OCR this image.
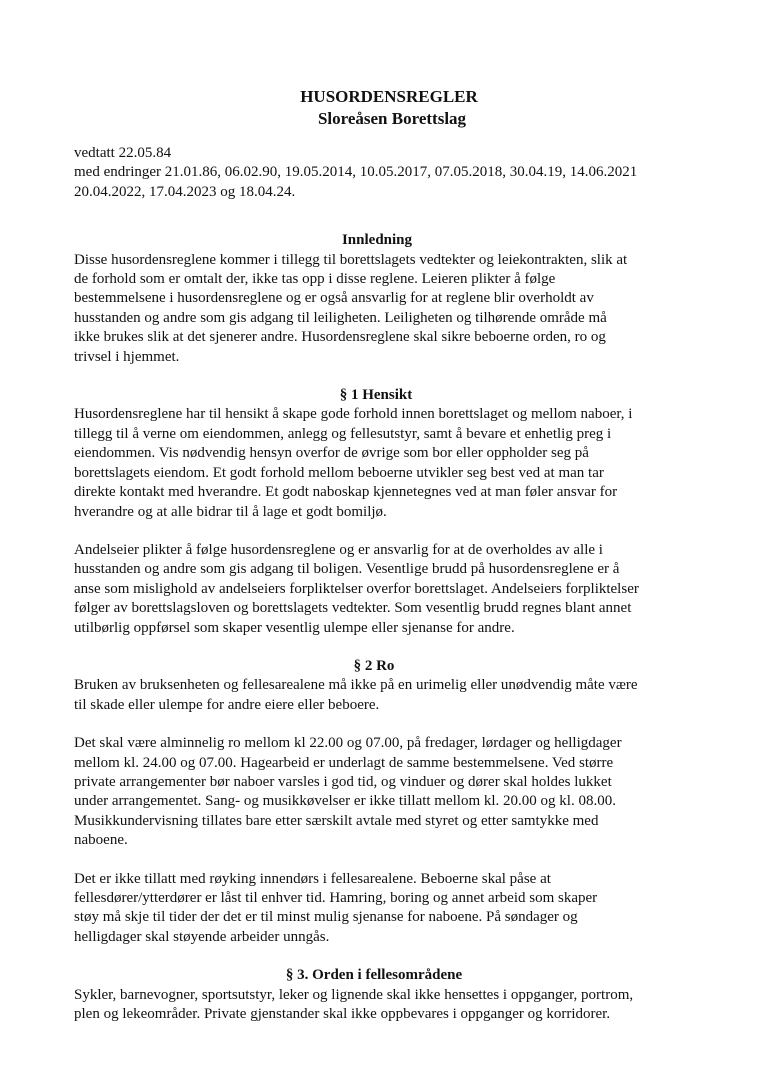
HUSORDENSREGLER
Sloreåsen Borettslag
vedtatt 22.05.84
med endringer 21.01.86, 06.02.90, 19.05.2014, 10.05.2017, 07.05.2018, 30.04.19, 14.06.2021
20.04.2022, 17.04.2023 og 18.04.24.
Innledning
Disse husordensreglene kommer i tillegg til borettslagets vedtekter og leiekontrakten, slik at
de forhold som er omtalt der, ikke tas opp i disse reglene. Leieren plikter å følge
bestemmelsene i husordensreglene og er også ansvarlig for at reglene blir overholdt av
husstanden og andre som gis adgang til leiligheten. Leiligheten og tilhørende område må
ikke brukes slik at det sjenerer andre. Husordensreglene skal sikre beboerne orden, ro og
trivsel i hjemmet.
§ 1 Hensikt
Husordensreglene har til hensikt å skape gode forhold innen borettslaget og mellom naboer, i
tillegg til å verne om eiendommen, anlegg og fellesutstyr, samt å bevare et enhetlig preg i
eiendommen. Vis nødvendig hensyn overfor de øvrige som bor eller oppholder seg på
borettslagets eiendom. Et godt forhold mellom beboerne utvikler seg best ved at man tar
direkte kontakt med hverandre. Et godt naboskap kjennetegnes ved at man føler ansvar for
hverandre og at alle bidrar til å lage et godt bomiljø.
Andelseier plikter å følge husordensreglene og er ansvarlig for at de overholdes av alle i
husstanden og andre som gis adgang til boligen. Vesentlige brudd på husordensreglene er å
anse som mislighold av andelseiers forpliktelser overfor borettslaget. Andelseiers forpliktelser
følger av borettslagsloven og borettslagets vedtekter. Som vesentlig brudd regnes blant annet
utilbørlig oppførsel som skaper vesentlig ulempe eller sjenanse for andre.
§ 2 Ro
Bruken av bruksenheten og fellesarealene må ikke på en urimelig eller unødvendig måte være
til skade eller ulempe for andre eiere eller beboere.
Det skal være alminnelig ro mellom kl 22.00 og 07.00, på fredager, lørdager og helligdager
mellom kl. 24.00 og 07.00. Hagearbeid er underlagt de samme bestemmelsene. Ved større
private arrangementer bør naboer varsles i god tid, og vinduer og dører skal holdes lukket
under arrangementet. Sang- og musikkøvelser er ikke tillatt mellom kl. 20.00 og kl. 08.00.
Musikkundervisning tillates bare etter særskilt avtale med styret og etter samtykke med
naboene.
Det er ikke tillatt med røyking innendørs i fellesarealene. Beboerne skal påse at
fellesdører/ytterdører er låst til enhver tid. Hamring, boring og annet arbeid som skaper
støy må skje til tider der det er til minst mulig sjenanse for naboene. På søndager og
helligdager skal støyende arbeider unngås.
§ 3. Orden i fellesområdene
Sykler, barnevogner, sportsutstyr, leker og lignende skal ikke hensettes i oppganger, portrom,
plen og lekeområder. Private gjenstander skal ikke oppbevares i oppganger og korridorer.
